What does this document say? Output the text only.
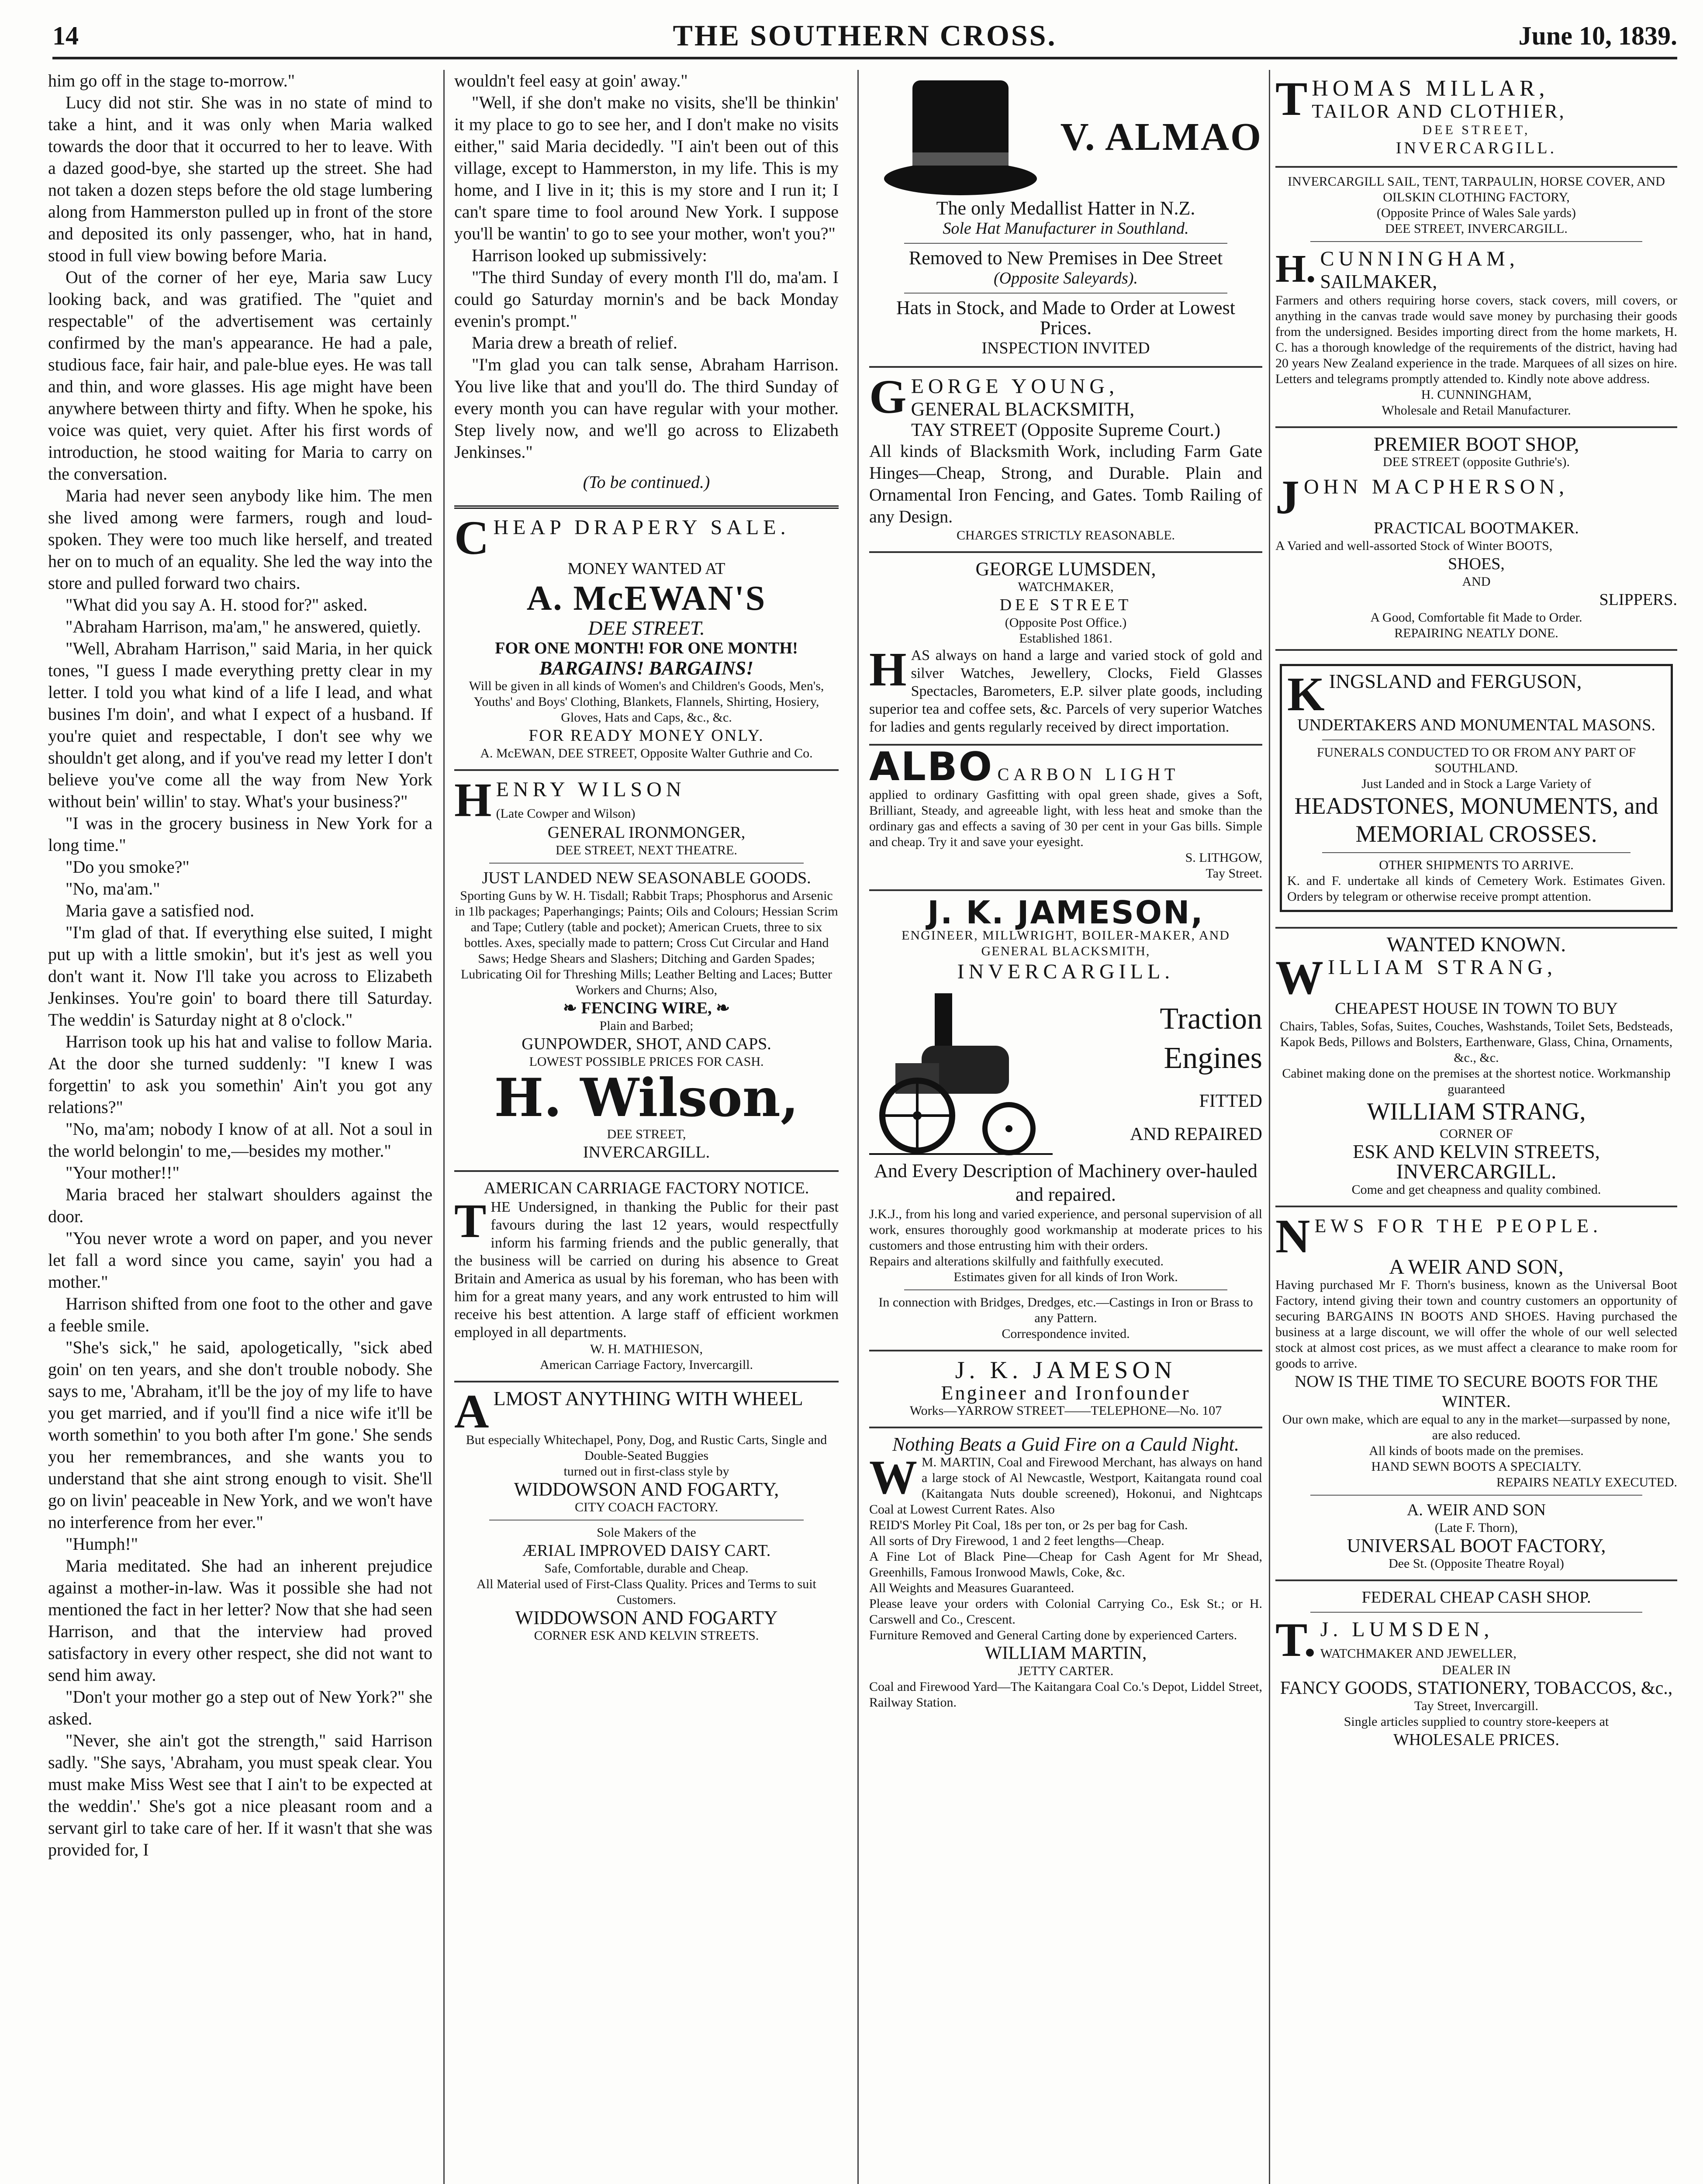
14	THE SOUTHERN CROSS.	June 10, 1839.

him go off in the stage to-morrow."

Lucy did not stir. She was in no state of mind to take a hint, and it was only when Maria walked towards the door that it occurred to her to leave. With a dazed good-bye, she started up the street. She had not taken a dozen steps before the old stage lumbering along from Hammerston pulled up in front of the store and deposited its only passenger, who, hat in hand, stood in full view bowing before Maria.

Out of the corner of her eye, Maria saw Lucy looking back, and was gratified. The "quiet and respectable" of the advertisement was certainly confirmed by the man's appearance. He had a pale, studious face, fair hair, and pale-blue eyes. He was tall and thin, and wore glasses. His age might have been anywhere between thirty and fifty. When he spoke, his voice was quiet, very quiet. After his first words of introduction, he stood waiting for Maria to carry on the conversation.

Maria had never seen anybody like him. The men she lived among were farmers, rough and loud-spoken. They were too much like herself, and treated her on to much of an equality. She led the way into the store and pulled forward two chairs.

"What did you say A. H. stood for?" asked.

"Abraham Harrison, ma'am," he answered, quietly.

"Well, Abraham Harrison," said Maria, in her quick tones, "I guess I made everything pretty clear in my letter. I told you what kind of a life I lead, and what busines I'm doin', and what I expect of a husband. If you're quiet and respectable, I don't see why we shouldn't get along, and if you've read my letter I don't believe you've come all the way from New York without bein' willin' to stay. What's your business?"

"I was in the grocery business in New York for a long time."

"Do you smoke?"

"No, ma'am."

Maria gave a satisfied nod.

"I'm glad of that. If everything else suited, I might put up with a little smokin', but it's jest as well you don't want it. Now I'll take you across to Elizabeth Jenkinses. You're goin' to board there till Saturday. The weddin' is Saturday night at 8 o'clock."

Harrison took up his hat and valise to follow Maria. At the door she turned suddenly: "I knew I was forgettin' to ask you somethin' Ain't you got any relations?"

"No, ma'am; nobody I know of at all. Not a soul in the world belongin' to me,—besides my mother."

"Your mother!!"

Maria braced her stalwart shoulders against the door.

"You never wrote a word on paper, and you never let fall a word since you came, sayin' you had a mother."

Harrison shifted from one foot to the other and gave a feeble smile.

"She's sick," he said, apologetically, "sick abed goin' on ten years, and she don't trouble nobody. She says to me, 'Abraham, it'll be the joy of my life to have you get married, and if you'll find a nice wife it'll be worth somethin' to you both after I'm gone.' She sends you her remembrances, and she wants you to understand that she aint strong enough to visit. She'll go on livin' peaceable in New York, and we won't have no interference from her ever."

"Humph!"

Maria meditated. She had an inherent prejudice against a mother-in-law. Was it possible she had not mentioned the fact in her letter? Now that she had seen Harrison, and that the interview had proved satisfactory in every other respect, she did not want to send him away.

"Don't your mother go a step out of New York?" she asked.

"Never, she ain't got the strength," said Harrison sadly. "She says, 'Abraham, you must speak clear. You must make Miss West see that I ain't to be expected at the weddin'.' She's got a nice pleasant room and a servant girl to take care of her. If it wasn't that she was provided for, I

wouldn't feel easy at goin' away."

"Well, if she don't make no visits, she'll be thinkin' it my place to go to see her, and I don't make no visits either," said Maria decidedly. "I ain't been out of this village, except to Hammerston, in my life. This is my home, and I live in it; this is my store and I run it; I can't spare time to fool around New York. I suppose you'll be wantin' to go to see your mother, won't you?"

Harrison looked up submissively:

"The third Sunday of every month I'll do, ma'am. I could go Saturday mornin's and be back Monday evenin's prompt."

Maria drew a breath of relief.

"I'm glad you can talk sense, Abraham Harrison. You live like that and you'll do. The third Sunday of every month you can have regular with your mother. Step lively now, and we'll go across to Elizabeth Jenkinses."

(To be continued.)
CHEAP DRAPERY SALE.
MONEY WANTED AT
A. McEWAN'S
DEE STREET.
FOR ONE MONTH! FOR ONE MONTH!
BARGAINS! BARGAINS!
Will be given in all kinds of Women's and Children's Goods, Men's, Youths' and Boys' Clothing, Blankets, Flannels, Shirting, Hosiery, Gloves, Hats and Caps, &c., &c.
FOR READY MONEY ONLY.
A. McEWAN, DEE STREET, Opposite Walter Guthrie and Co.
HENRY WILSON
(Late Cowper and Wilson)
GENERAL IRONMONGER,
DEE STREET, NEXT THEATRE.
JUST LANDED NEW SEASONABLE GOODS.
Sporting Guns by W. H. Tisdall; Rabbit Traps; Phosphorus and Arsenic in 1lb packages; Paperhangings; Paints; Oils and Colours; Hessian Scrim and Tape; Cutlery (table and pocket); American Cruets, three to six bottles. Axes, specially made to pattern; Cross Cut Circular and Hand Saws; Hedge Shears and Slashers; Ditching and Garden Spades; Lubricating Oil for Threshing Mills; Leather Belting and Laces; Butter Workers and Churns; Also,
❧ FENCING WIRE, ❧
Plain and Barbed;
GUNPOWDER, SHOT, AND CAPS.
LOWEST POSSIBLE PRICES FOR CASH.
H. Wilson,
DEE STREET,
INVERCARGILL.
AMERICAN CARRIAGE FACTORY NOTICE.
THE Undersigned, in thanking the Public for their past favours during the last 12 years, would respectfully inform his farming friends and the public generally, that the business will be carried on during his absence to Great Britain and America as usual by his foreman, who has been with him for a great many years, and any work entrusted to him will receive his best attention. A large staff of efficient workmen employed in all departments.
W. H. MATHIESON,
American Carriage Factory, Invercargill.
ALMOST ANYTHING WITH WHEEL
But especially Whitechapel, Pony, Dog, and Rustic Carts, Single and Double-Seated Buggies
turned out in first-class style by
WIDDOWSON AND FOGARTY,
CITY COACH FACTORY.
Sole Makers of the
ÆRIAL IMPROVED DAISY CART.
Safe, Comfortable, durable and Cheap.
All Material used of First-Class Quality. Prices and Terms to suit Customers.
WIDDOWSON AND FOGARTY
CORNER ESK AND KELVIN STREETS.
V. ALMAO
The only Medallist Hatter in N.Z.
Sole Hat Manufacturer in Southland.
Removed to New Premises in Dee Street
(Opposite Saleyards).
Hats in Stock, and Made to Order at Lowest Prices.
INSPECTION INVITED
GEORGE YOUNG,
GENERAL BLACKSMITH,
TAY STREET (Opposite Supreme Court.)
All kinds of Blacksmith Work, including Farm Gate Hinges—Cheap, Strong, and Durable. Plain and Ornamental Iron Fencing, and Gates. Tomb Railing of any Design.
CHARGES STRICTLY REASONABLE.
GEORGE LUMSDEN,
WATCHMAKER,
DEE STREET
(Opposite Post Office.)
Established 1861.
HAS always on hand a large and varied stock of gold and silver Watches, Jewellery, Clocks, Field Glasses Spectacles, Barometers, E.P. silver plate goods, including superior tea and coffee sets, &c. Parcels of very superior Watches for ladies and gents regularly received by direct importation.
ALBO CARBON LIGHT
applied to ordinary Gasfitting with opal green shade, gives a Soft, Brilliant, Steady, and agreeable light, with less heat and smoke than the ordinary gas and effects a saving of 30 per cent in your Gas bills. Simple and cheap. Try it and save your eyesight.
S. LITHGOW,
Tay Street.
J. K. JAMESON,
ENGINEER, MILLWRIGHT, BOILER-MAKER, AND GENERAL BLACKSMITH,
INVERCARGILL.
Traction
Engines
FITTED
AND REPAIRED
And Every Description of Machinery over-hauled and repaired.
J.K.J., from his long and varied experience, and personal supervision of all work, ensures thoroughly good workmanship at moderate prices to his customers and those entrusting him with their orders.
Repairs and alterations skilfully and faithfully executed.
Estimates given for all kinds of Iron Work.
In connection with Bridges, Dredges, etc.—Castings in Iron or Brass to any Pattern.
Correspondence invited.
J. K. JAMESON
Engineer and Ironfounder
Works—YARROW STREET——TELEPHONE—No. 107
Nothing Beats a Guid Fire on a Cauld Night.
W M. MARTIN, Coal and Firewood Merchant, has always on hand a large stock of Al Newcastle, Westport, Kaitangata round coal (Kaitangata Nuts double screened), Hokonui, and Nightcaps Coal at Lowest Current Rates. Also
REID'S Morley Pit Coal, 18s per ton, or 2s per bag for Cash.
All sorts of Dry Firewood, 1 and 2 feet lengths—Cheap.
A Fine Lot of Black Pine—Cheap for Cash Agent for Mr Shead, Greenhills, Famous Ironwood Mawls, Coke, &c.
All Weights and Measures Guaranteed.
Please leave your orders with Colonial Carrying Co., Esk St.; or H. Carswell and Co., Crescent.
Furniture Removed and General Carting done by experienced Carters.
WILLIAM MARTIN,
JETTY CARTER.
Coal and Firewood Yard—The Kaitangara Coal Co.'s Depot, Liddel Street, Railway Station.
THOMAS MILLAR,
TAILOR AND CLOTHIER,
DEE STREET,
INVERCARGILL.
INVERCARGILL SAIL, TENT, TARPAULIN, HORSE COVER, AND OILSKIN CLOTHING FACTORY,
(Opposite Prince of Wales Sale yards)
DEE STREET, INVERCARGILL.
H. CUNNINGHAM,
SAILMAKER,
Farmers and others requiring horse covers, stack covers, mill covers, or anything in the canvas trade would save money by purchasing their goods from the undersigned. Besides importing direct from the home markets, H. C. has a thorough knowledge of the requirements of the district, having had 20 years New Zealand experience in the trade. Marquees of all sizes on hire. Letters and telegrams promptly attended to. Kindly note above address.
H. CUNNINGHAM,
Wholesale and Retail Manufacturer.
PREMIER BOOT SHOP,
DEE STREET (opposite Guthrie's).
JOHN MACPHERSON,
PRACTICAL BOOTMAKER.
A Varied and well-assorted Stock of Winter BOOTS,
SHOES,
AND
SLIPPERS.
A Good, Comfortable fit Made to Order.
REPAIRING NEATLY DONE.
KINGSLAND and FERGUSON,
UNDERTAKERS AND MONUMENTAL MASONS.
FUNERALS CONDUCTED TO OR FROM ANY PART OF SOUTHLAND.
Just Landed and in Stock a Large Variety of
HEADSTONES, MONUMENTS, and MEMORIAL CROSSES.
OTHER SHIPMENTS TO ARRIVE.
K. and F. undertake all kinds of Cemetery Work. Estimates Given. Orders by telegram or otherwise receive prompt attention.
WANTED KNOWN.
WILLIAM STRANG,
CHEAPEST HOUSE IN TOWN TO BUY
Chairs, Tables, Sofas, Suites, Couches, Washstands, Toilet Sets, Bedsteads, Kapok Beds, Pillows and Bolsters, Earthenware, Glass, China, Ornaments, &c., &c.
Cabinet making done on the premises at the shortest notice. Workmanship guaranteed
WILLIAM STRANG,
CORNER OF
ESK AND KELVIN STREETS,
INVERCARGILL.
Come and get cheapness and quality combined.
NEWS FOR THE PEOPLE.
A WEIR AND SON,
Having purchased Mr F. Thorn's business, known as the Universal Boot Factory, intend giving their town and country customers an opportunity of securing BARGAINS IN BOOTS AND SHOES. Having purchased the business at a large discount, we will offer the whole of our well selected stock at almost cost prices, as we must affect a clearance to make room for goods to arrive.
NOW IS THE TIME TO SECURE BOOTS FOR THE WINTER.
Our own make, which are equal to any in the market—surpassed by none, are also reduced.
All kinds of boots made on the premises.
HAND SEWN BOOTS A SPECIALTY.
REPAIRS NEATLY EXECUTED.
A. WEIR AND SON
(Late F. Thorn),
UNIVERSAL BOOT FACTORY,
Dee St. (Opposite Theatre Royal)
FEDERAL CHEAP CASH SHOP.
T. J. LUMSDEN,
WATCHMAKER AND JEWELLER,
DEALER IN
FANCY GOODS, STATIONERY, TOBACCOS, &c.,
Tay Street, Invercargill.
Single articles supplied to country store-keepers at
WHOLESALE PRICES.
